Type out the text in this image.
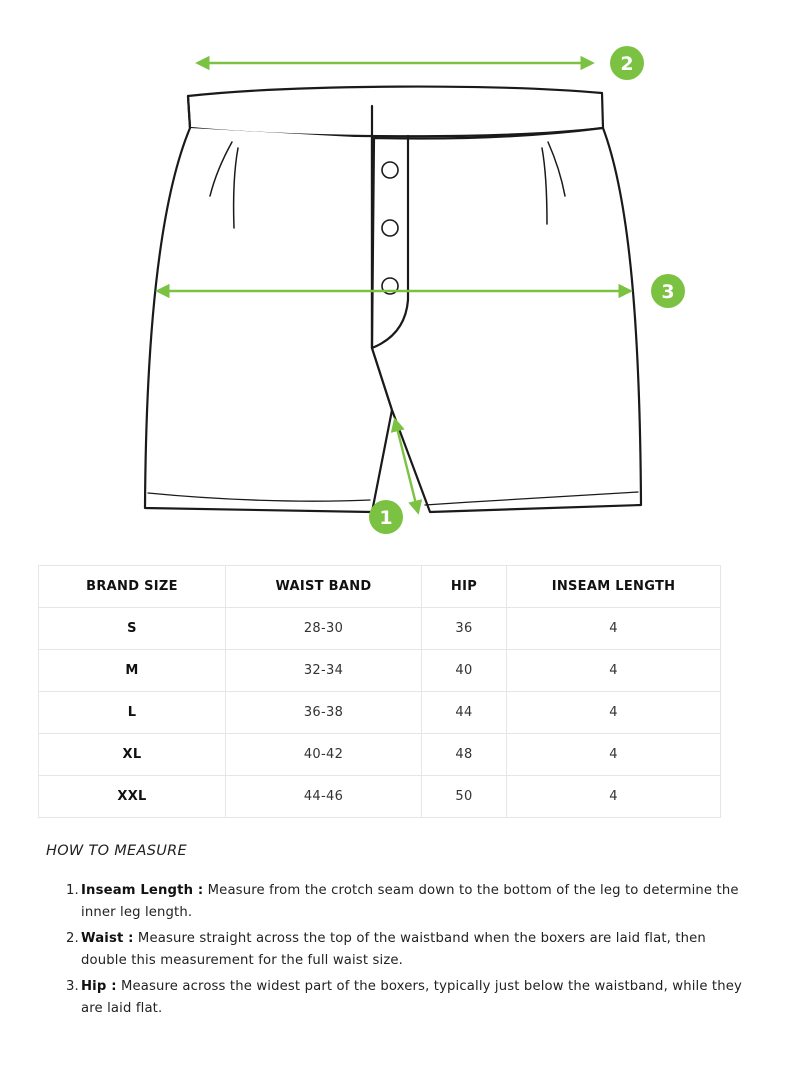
2
3
1
BRAND SIZE	WAIST BAND	HIP	INSEAM LENGTH
S	28-30	36	4
M	32-34	40	4
L	36-38	44	4
XL	40-42	48	4
XXL	44-46	50	4
HOW TO MEASURE
1. Inseam Length : Measure from the crotch seam down to the bottom of the leg to determine the inner leg length.
2. Waist : Measure straight across the top of the waistband when the boxers are laid flat, then double this measurement for the full waist size.
3. Hip : Measure across the widest part of the boxers, typically just below the waistband, while they are laid flat.
